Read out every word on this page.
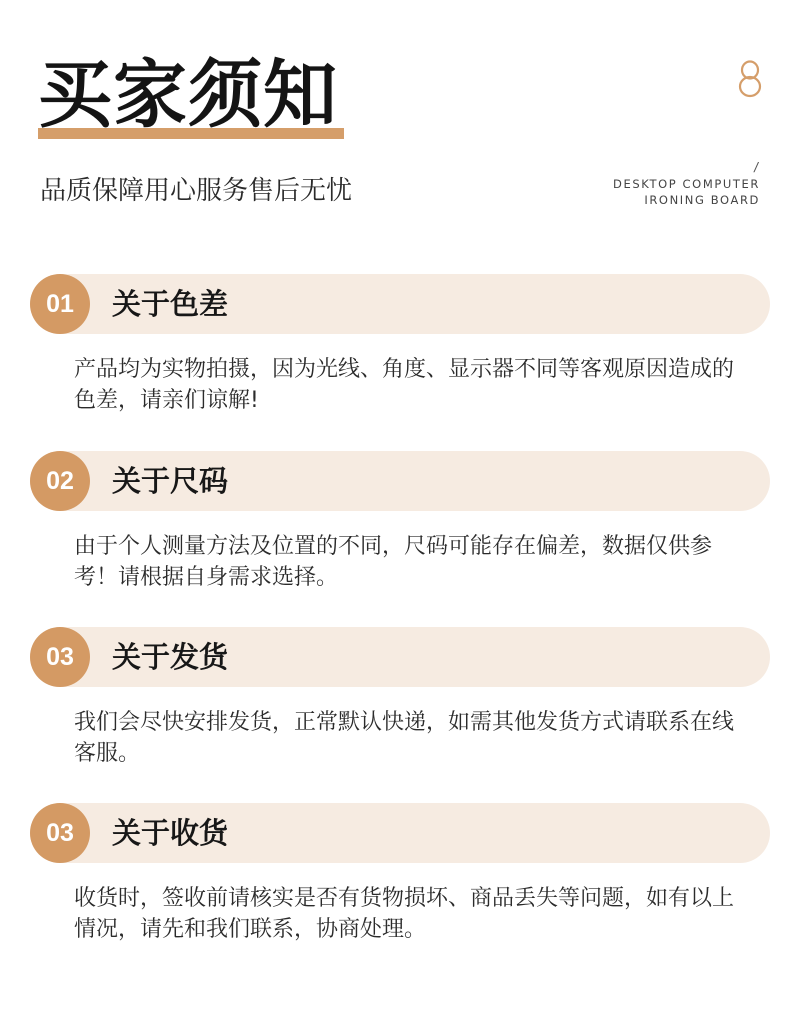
买家须知
品质保障用心服务售后无忧
/
DESKTOP COMPUTER
IRONING BOARD
01	关于色差
产品均为实物拍摄，因为光线、角度、显示器不同等客观原因造成的色差，请亲们谅解!
02	关于尺码
由于个人测量方法及位置的不同，尺码可能存在偏差，数据仅供参考！请根据自身需求选择。
03	关于发货
我们会尽快安排发货，正常默认快递，如需其他发货方式请联系在线客服。
03	关于收货
收货时，签收前请核实是否有货物损坏、商品丢失等问题，如有以上情况，请先和我们联系，协商处理。
